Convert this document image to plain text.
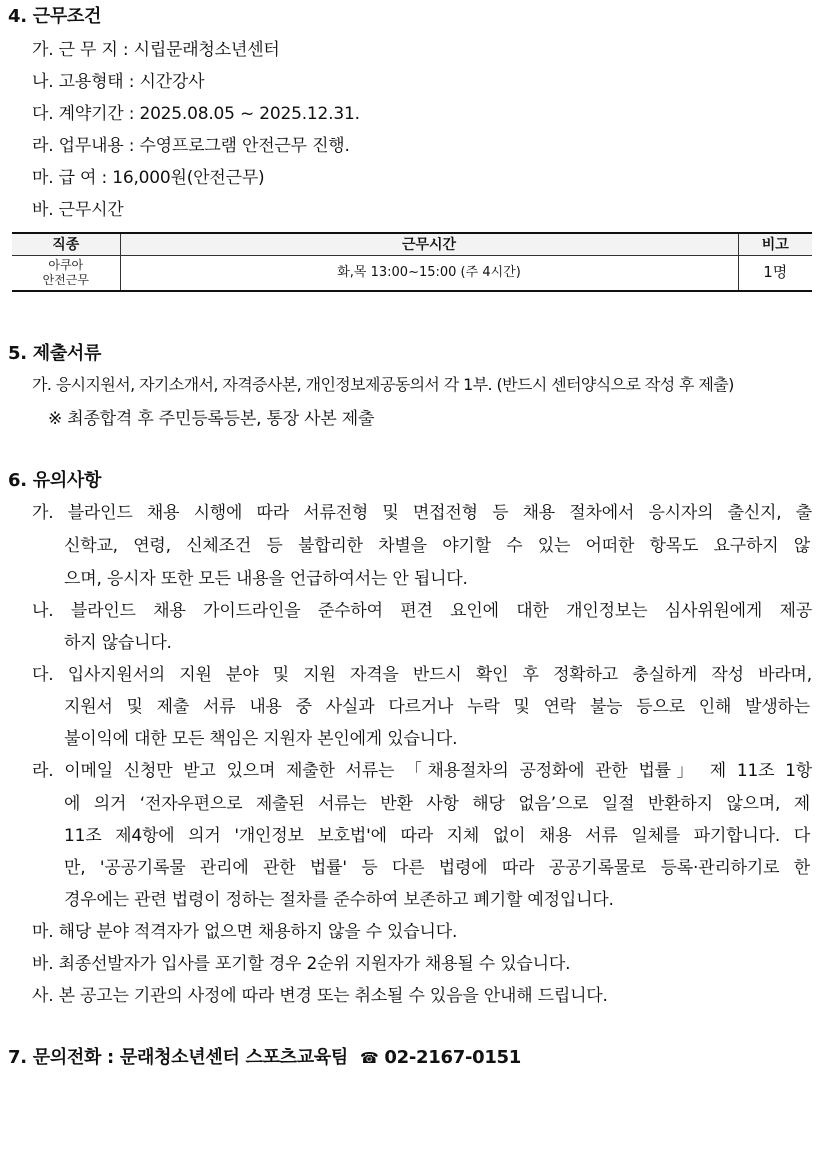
4. 근무조건
가. 근 무 지 : 시립문래청소년센터
나. 고용형태 : 시간강사
다. 계약기간 : 2025.08.05 ~ 2025.12.31.
라. 업무내용 : 수영프로그램 안전근무 진행.
마. 급 여 : 16,000원(안전근무)
바. 근무시간
직종	근무시간	비고

아쿠아
안전근무	화,목 13:00~15:00 (주 4시간)	1명
5. 제출서류
가. 응시지원서, 자기소개서, 자격증사본, 개인정보제공동의서 각 1부. (반드시 센터양식으로 작성 후 제출)
※ 최종합격 후 주민등록등본, 통장 사본 제출
6. 유의사항
가. 블라인드 채용 시행에 따라 서류전형 및 면접전형 등 채용 절차에서 응시자의 출신지, 출
신학교, 연령, 신체조건 등 불합리한 차별을 야기할 수 있는 어떠한 항목도 요구하지 않
으며, 응시자 또한 모든 내용을 언급하여서는 안 됩니다.
나. 블라인드 채용 가이드라인을 준수하여 편견 요인에 대한 개인정보는 심사위원에게 제공
하지 않습니다.
다. 입사지원서의 지원 분야 및 지원 자격을 반드시 확인 후 정확하고 충실하게 작성 바라며,
지원서 및 제출 서류 내용 중 사실과 다르거나 누락 및 연락 불능 등으로 인해 발생하는
불이익에 대한 모든 책임은 지원자 본인에게 있습니다.
라. 이메일 신청만 받고 있으며 제출한 서류는 「채용절차의 공정화에 관한 법률」 제 11조 1항
에 의거 ‘전자우편으로 제출된 서류는 반환 사항 해당 없음’으로 일절 반환하지 않으며, 제
11조 제4항에 의거 '개인정보 보호법'에 따라 지체 없이 채용 서류 일체를 파기합니다. 다
만, '공공기록물 관리에 관한 법률' 등 다른 법령에 따라 공공기록물로 등록·관리하기로 한
경우에는 관련 법령이 정하는 절차를 준수하여 보존하고 폐기할 예정입니다.
마. 해당 분야 적격자가 없으면 채용하지 않을 수 있습니다.
바. 최종선발자가 입사를 포기할 경우 2순위 지원자가 채용될 수 있습니다.
사. 본 공고는 기관의 사정에 따라 변경 또는 취소될 수 있음을 안내해 드립니다.
7. 문의전화 : 문래청소년센터 스포츠교육팀 ☎ 02-2167-0151
